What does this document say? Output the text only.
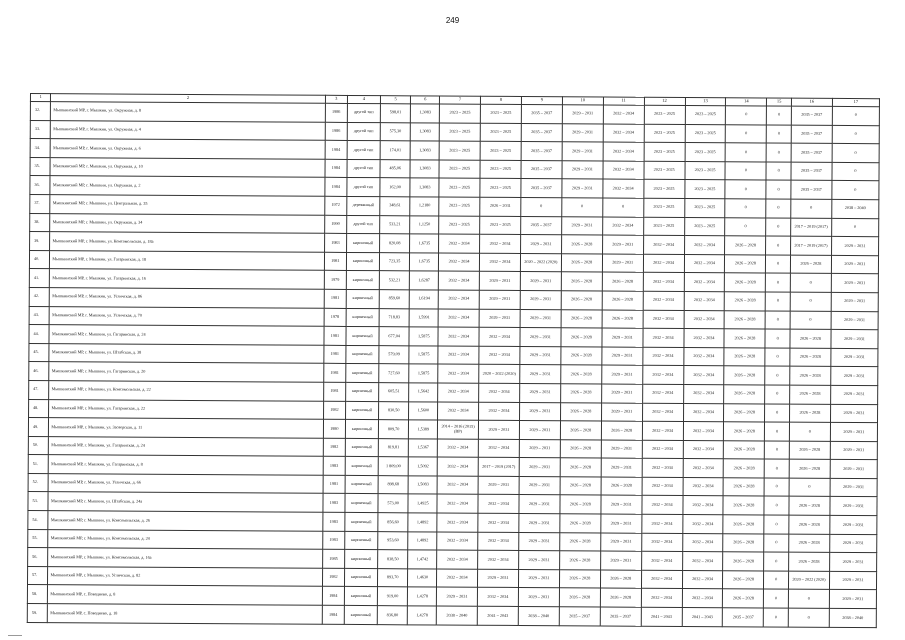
249
1	2	3	4	5	6	7	8	9	10	11	12	13	14	15	16	17
32.	Мышкинский МР, г. Мышкин, ул. Окружная, д. 8	1986	другой тип	598,01	1,3083	2023 – 2025	2023 – 2025	2035 – 2037	2029 – 2031	2032 – 2034	2023 – 2025	2023 – 2025	0	0	2035 – 2037	0
33.	Мышкинский МР, г. Мышкин, ул. Окружная, д. 4	1986	другой тип	575,30	1,3083	2023 – 2025	2023 – 2025	2035 – 2037	2029 – 2031	2032 – 2034	2023 – 2025	2023 – 2025	0	0	2035 – 2037	0
34.	Мышкинский МР, г. Мышкин, ул. Окружная, д. 6	1984	другой тип	174,01	1,3083	2023 – 2025	2023 – 2025	2035 – 2037	2029 – 2031	2032 – 2034	2023 – 2025	2023 – 2025	0	0	2035 – 2037	0
35.	Мышкинский МР, г. Мышкин, ул. Окружная, д. 10	1984	другой тип	485,06	1,3083	2023 – 2025	2023 – 2025	2035 – 2037	2029 – 2031	2032 – 2034	2023 – 2025	2023 – 2025	0	0	2035 – 2037	0
36.	Мышкинский МР, г. Мышкин, ул. Окружная, д. 2	1984	другой тип	162,00	1,3083	2023 – 2025	2023 – 2025	2035 – 2037	2029 – 2031	2032 – 2034	2023 – 2025	2023 – 2025	0	0	2035 – 2037	0
37.	Мышкинский МР, г. Мышкин, ул. Центральная, д. 35	1972	деревянный	348,61	1,2180	2023 – 2025	2026 – 2031	0	0	0	2023 – 2025	2023 – 2025	0	0	0	2038 – 2040
38.	Мышкинский МР, г. Мышкин, ул. Окружная, д. 34	1990	другой тип	533,21	1,1250	2023 – 2025	2023 – 2025	2035 – 2037	2029 – 2031	2032 – 2034	2023 – 2025	2023 – 2025	0	0	2017 – 2019 (2017)	0
39.	Мышкинский МР, г. Мышкин, ул. Комсомольская, д. 18а	1983	кирпичный	820,08	1,6735	2032 – 2034	2032 – 2034	2029 – 2031	2026 – 2028	2029 – 2031	2032 – 2034	2032 – 2034	2026 – 2028	0	2017 – 2019 (2017)	2029 – 2031
40.	Мышкинский МР, г. Мышкин, ул. Гагаринская, д. 18	1981	кирпичный	723,35	1,6735	2032 – 2034	2032 – 2034	2020 – 2022 (2020)	2026 – 2028	2029 – 2031	2032 – 2034	2032 – 2034	2026 – 2028	0	2026 – 2028	2029 – 2031
41.	Мышкинский МР, г. Мышкин, ул. Гагаринская, д. 16	1979	кирпичный	532,21	1,6287	2032 – 2034	2029 – 2031	2029 – 2031	2026 – 2028	2026 – 2028	2032 – 2034	2032 – 2034	2026 – 2028	0	0	2029 – 2031
42.	Мышкинский МР, г. Мышкин, ул. Угличская, д. 86	1981	кирпичный	859,60	1,6194	2032 – 2034	2029 – 2031	2029 – 2031	2026 – 2028	2026 – 2028	2032 – 2034	2032 – 2034	2026 – 2028	0	0	2029 – 2031
43.	Мышкинский МР, г. Мышкин, ул. Угличская, д. 70	1978	кирпичный	718,83	1,5991	2032 – 2034	2029 – 2031	2029 – 2031	2026 – 2028	2026 – 2028	2032 – 2034	2032 – 2034	2026 – 2028	0	0	2029 – 2031
44.	Мышкинский МР, г. Мышкин, ул. Гагаринская, д. 24	1981	кирпичный	677,04	1,5875	2032 – 2034	2032 – 2034	2029 – 2031	2026 – 2028	2029 – 2031	2032 – 2034	2032 – 2034	2026 – 2028	0	2026 – 2028	2029 – 2031
45.	Мышкинский МР, г. Мышкин, ул. Штабская, д. 38	1981	кирпичный	579,09	1,5875	2032 – 2034	2032 – 2034	2029 – 2031	2026 – 2028	2029 – 2031	2032 – 2034	2032 – 2034	2026 – 2028	0	2026 – 2028	2029 – 2031
46.	Мышкинский МР, г. Мышкин, ул. Гагаринская, д. 20	1981	кирпичный	727,60	1,5875	2032 – 2034	2020 – 2022 (2020)	2029 – 2031	2026 – 2028	2029 – 2031	2032 – 2034	2032 – 2034	2026 – 2028	0	2026 – 2028	2029 – 2031
47.	Мышкинский МР, г. Мышкин, ул. Комсомольская, д. 22	1981	кирпичный	605,51	1,5642	2032 – 2034	2032 – 2034	2029 – 2031	2026 – 2028	2029 – 2031	2032 – 2034	2032 – 2034	2026 – 2028	0	2026 – 2028	2029 – 2031
48.	Мышкинский МР, г. Мышкин, ул. Гагаринская, д. 22	1982	кирпичный	830,50	1,5600	2032 – 2034	2032 – 2034	2029 – 2031	2026 – 2028	2029 – 2031	2032 – 2034	2032 – 2034	2026 – 2028	0	2026 – 2028	2029 – 2031
49.	Мышкинский МР, г. Мышкин, ул. Заозерская, д. 11	1980	кирпичный	809,70	1,5389	2014 – 2016 (2015) (ВР)	2029 – 2031	2029 – 2031	2026 – 2028	2026 – 2028	2032 – 2034	2032 – 2034	2026 – 2028	0	0	2029 – 2031
50.	Мышкинский МР, г. Мышкин, ул. Гагаринская, д. 24	1982	кирпичный	819,81	1,5367	2032 – 2034	2032 – 2034	2029 – 2031	2026 – 2028	2029 – 2031	2032 – 2034	2032 – 2034	2026 – 2028	0	2026 – 2028	2029 – 2031
51.	Мышкинский МР, г. Мышкин, ул. Гагаринская, д. 8	1983	кирпичный	1 809,00	1,5092	2032 – 2034	2017 – 2019 (2017)	2029 – 2031	2026 – 2028	2029 – 2031	2032 – 2034	2032 – 2034	2026 – 2028	0	2026 – 2028	2029 – 2031
52.	Мышкинский МР, г. Мышкин, ул. Угличская, д. 66	1981	кирпичный	898,68	1,5083	2032 – 2034	2029 – 2031	2029 – 2031	2026 – 2028	2026 – 2028	2032 – 2034	2032 – 2034	2026 – 2028	0	0	2029 – 2031
53.	Мышкинский МР, г. Мышкин, ул. Штабская, д. 24а	1983	кирпичный	573,00	1,4925	2032 – 2034	2032 – 2034	2029 – 2031	2026 – 2028	2029 – 2031	2032 – 2034	2032 – 2034	2026 – 2028	0	2026 – 2028	2029 – 2031
54.	Мышкинский МР, г. Мышкин, ул. Комсомольская, д. 26	1983	кирпичный	856,60	1,4892	2032 – 2034	2032 – 2034	2029 – 2031	2026 – 2028	2029 – 2031	2032 – 2034	2032 – 2034	2026 – 2028	0	2026 – 2028	2029 – 2031
55.	Мышкинский МР, г. Мышкин, ул. Комсомольская, д. 24	1983	кирпичный	953,60	1,4892	2032 – 2034	2032 – 2034	2029 – 2031	2026 – 2028	2029 – 2031	2032 – 2034	2032 – 2034	2026 – 2028	0	2026 – 2028	2029 – 2031
56.	Мышкинский МР, г. Мышкин, ул. Комсомольская, д. 16а	1985	кирпичный	838,50	1,4742	2032 – 2034	2032 – 2034	2029 – 2031	2026 – 2028	2029 – 2031	2032 – 2034	2032 – 2034	2026 – 2028	0	2026 – 2028	2029 – 2031
57.	Мышкинский МР, г. Мышкин, ул. Угличская, д. 82	1982	кирпичный	893,70	1,4630	2032 – 2034	2029 – 2031	2029 – 2031	2026 – 2028	2026 – 2028	2032 – 2034	2032 – 2034	2026 – 2028	0	2020 – 2022 (2020)	2029 – 2031
58.	Мышкинский МР, с. Поводнево, д. 8	1984	кирпичный	919,00	1,4278	2029 – 2031	2032 – 2034	2029 – 2031	2026 – 2028	2026 – 2028	2032 – 2034	2032 – 2034	2026 – 2028	0	0	2029 – 2031
59.	Мышкинский МР, с. Поводнево, д. 18	1984	кирпичный	836,80	1,4278	2038 – 2040	2041 – 2043	2038 – 2040	2035 – 2037	2035 – 2037	2041 – 2043	2041 – 2043	2035 – 2037	0	0	2038 – 2040
